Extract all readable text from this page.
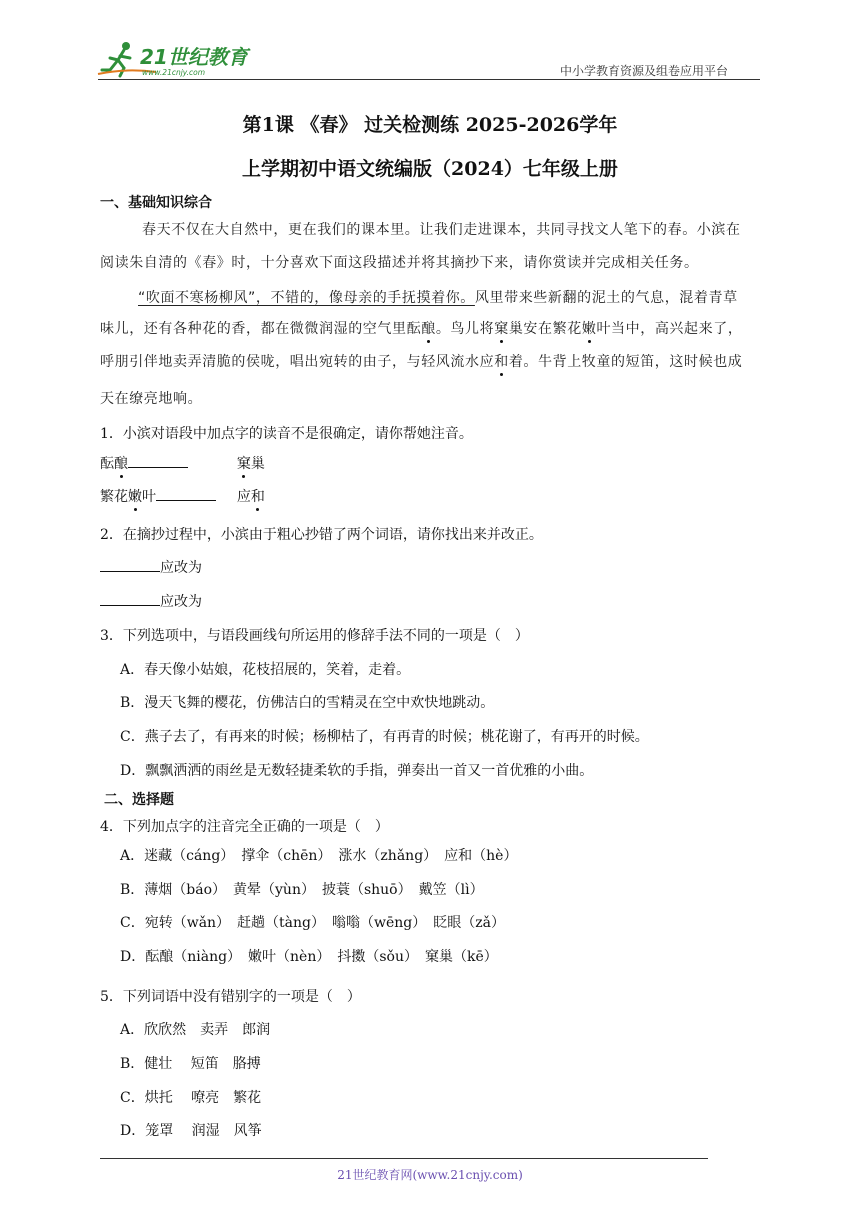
21世纪教育
www.21cnjy.com	中小学教育资源及组卷应用平台
第1课 《春》 过关检测练 2025-2026学年
上学期初中语文统编版（2024）七年级上册
一、基础知识综合
春天不仅在大自然中，更在我们的课本里。让我们走进课本，共同寻找文人笔下的春。小滨在
阅读朱自清的《春》时，十分喜欢下面这段描述并将其摘抄下来，请你赏读并完成相关任务。
“吹面不寒杨柳风”，不错的，像母亲的手抚摸着你。风里带来些新翻的泥土的气息，混着青草
味儿，还有各种花的香，都在微微润湿的空气里酝酿。鸟儿将窠巢安在繁花嫩叶当中，高兴起来了，
呼朋引伴地卖弄清脆的侯咙，唱出宛转的由子，与轻风流水应和着。牛背上牧童的短笛，这时候也成
天在缭亮地响。
1．小滨对语段中加点字的读音不是很确定，请你帮她注音。
酝酿	窠巢
繁花嫩叶	应和
2．在摘抄过程中，小滨由于粗心抄错了两个词语，请你找出来并改正。
应改为
应改为
3．下列选项中，与语段画线句所运用的修辞手法不同的一项是（　）
A．春天像小姑娘，花枝招展的，笑着，走着。
B．漫天飞舞的樱花，仿佛洁白的雪精灵在空中欢快地跳动。
C．燕子去了，有再来的时候；杨柳枯了，有再青的时候；桃花谢了，有再开的时候。
D．飘飘洒洒的雨丝是无数轻捷柔软的手指，弹奏出一首又一首优雅的小曲。
二、选择题
4．下列加点字的注音完全正确的一项是（　）
A．迷藏（cáng）　撑伞（chēn）　涨水（zhǎng）　应和（hè）
B．薄烟（báo）　黄晕（yùn）　披蓑（shuō）　戴笠（lì）
C．宛转（wǎn）　赶趟（tàng）　嗡嗡（wēng）　眨眼（zǎ）
D．酝酿（niàng）　嫩叶（nèn）　抖擞（sǒu）　窠巢（kē）
5．下列词语中没有错别字的一项是（　）
A．欣欣然　卖弄　郎润
B．健壮　 短笛　胳搏
C．烘托　 嘹亮　繁花
D．笼罩　 润湿　风筝
21世纪教育网(www.21cnjy.com)
